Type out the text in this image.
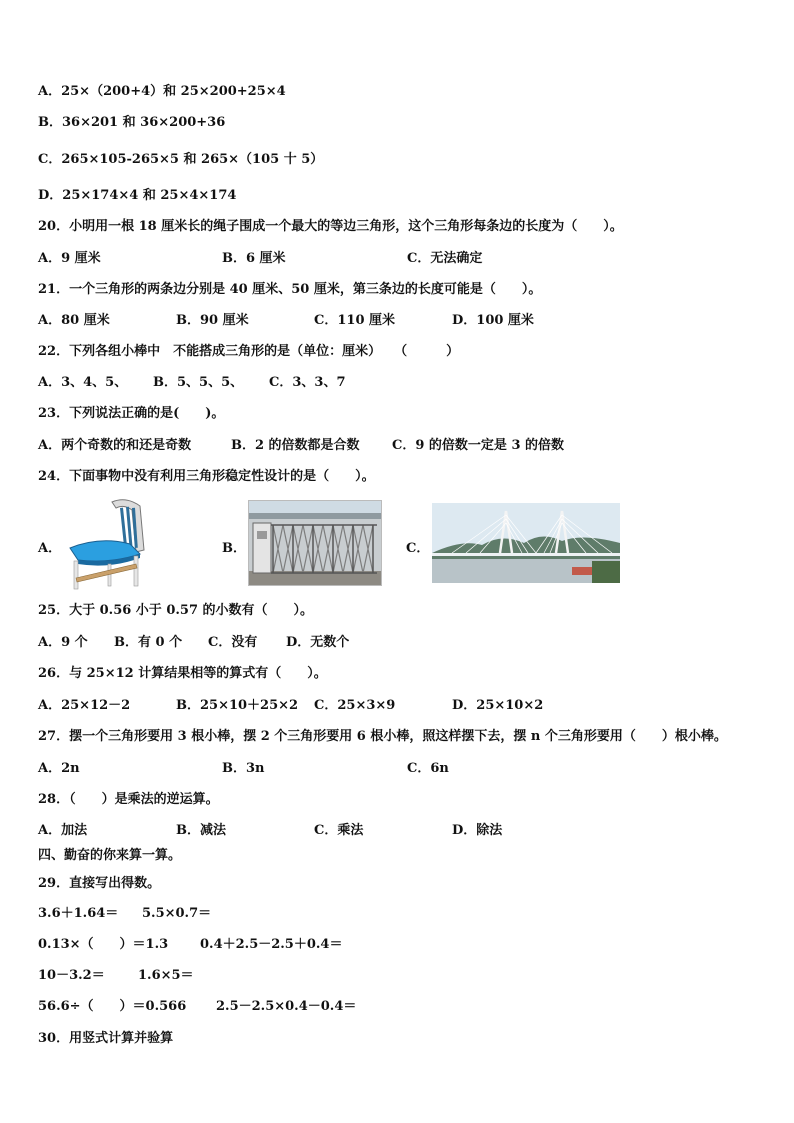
A．25×（200+4）和 25×200+25×4
B．36×201 和 36×200+36
C．265×105-265×5 和 265×（105 十 5）
D．25×174×4 和 25×4×174
20．小明用一根 18 厘米长的绳子围成一个最大的等边三角形，这个三角形每条边的长度为（　　）。
A．9 厘米	B．6 厘米	C．无法确定
21．一个三角形的两条边分别是 40 厘米、50 厘米，第三条边的长度可能是（　　）。
A．80 厘米	B．90 厘米	C．110 厘米	D．100 厘米
22．下列各组小棒中　不能搭成三角形的是（单位：厘米）　　（　　　）
A．3、4、5、 B．5、5、5、 C．3、3、7
23．下列说法正确的是(　　)。
A．两个奇数的和还是奇数	B．2 的倍数都是合数 C．9 的倍数一定是 3 的倍数
24．下面事物中没有利用三角形稳定性设计的是（　　）。
A．	B．	C．
25．大于 0.56 小于 0.57 的小数有（　　）。
A．9 个 B．有 0 个 C．没有 D．无数个
26．与 25×12 计算结果相等的算式有（　　）。
A．25×12－2	B．25×10＋25×2 C．25×3×9	D．25×10×2
27．摆一个三角形要用 3 根小棒，摆 2 个三角形要用 6 根小棒，照这样摆下去，摆 n 个三角形要用（　　）根小棒。
A．2n	B．3n	C．6n
28．（　　）是乘法的逆运算。
A．加法	B．减法	C．乘法	D．除法
四、勤奋的你来算一算。
29．直接写出得数。
3.6＋1.64＝ 5.5×0.7＝
0.13×（　　）＝1.3 0.4＋2.5－2.5＋0.4＝
10－3.2＝	1.6×5＝
56.6÷（　　）＝0.566 2.5－2.5×0.4－0.4＝
30．用竖式计算并验算
